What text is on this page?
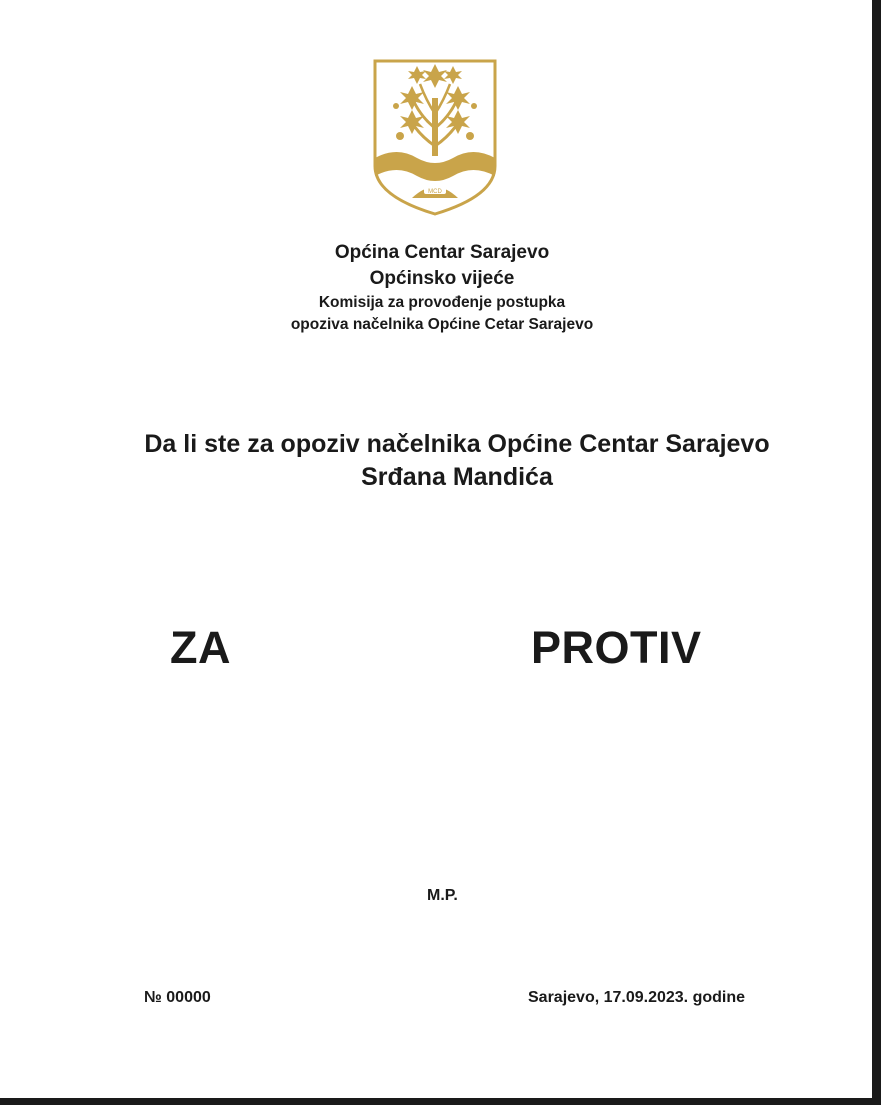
MCD
Općina Centar Sarajevo
Općinsko vijeće
Komisija za provođenje postupka
opoziva načelnika Općine Cetar Sarajevo
Da li ste za opoziv načelnika Općine Centar Sarajevo
Srđana Mandića
ZA	PROTIV
M.P.
№ 00000	Sarajevo, 17.09.2023. godine
